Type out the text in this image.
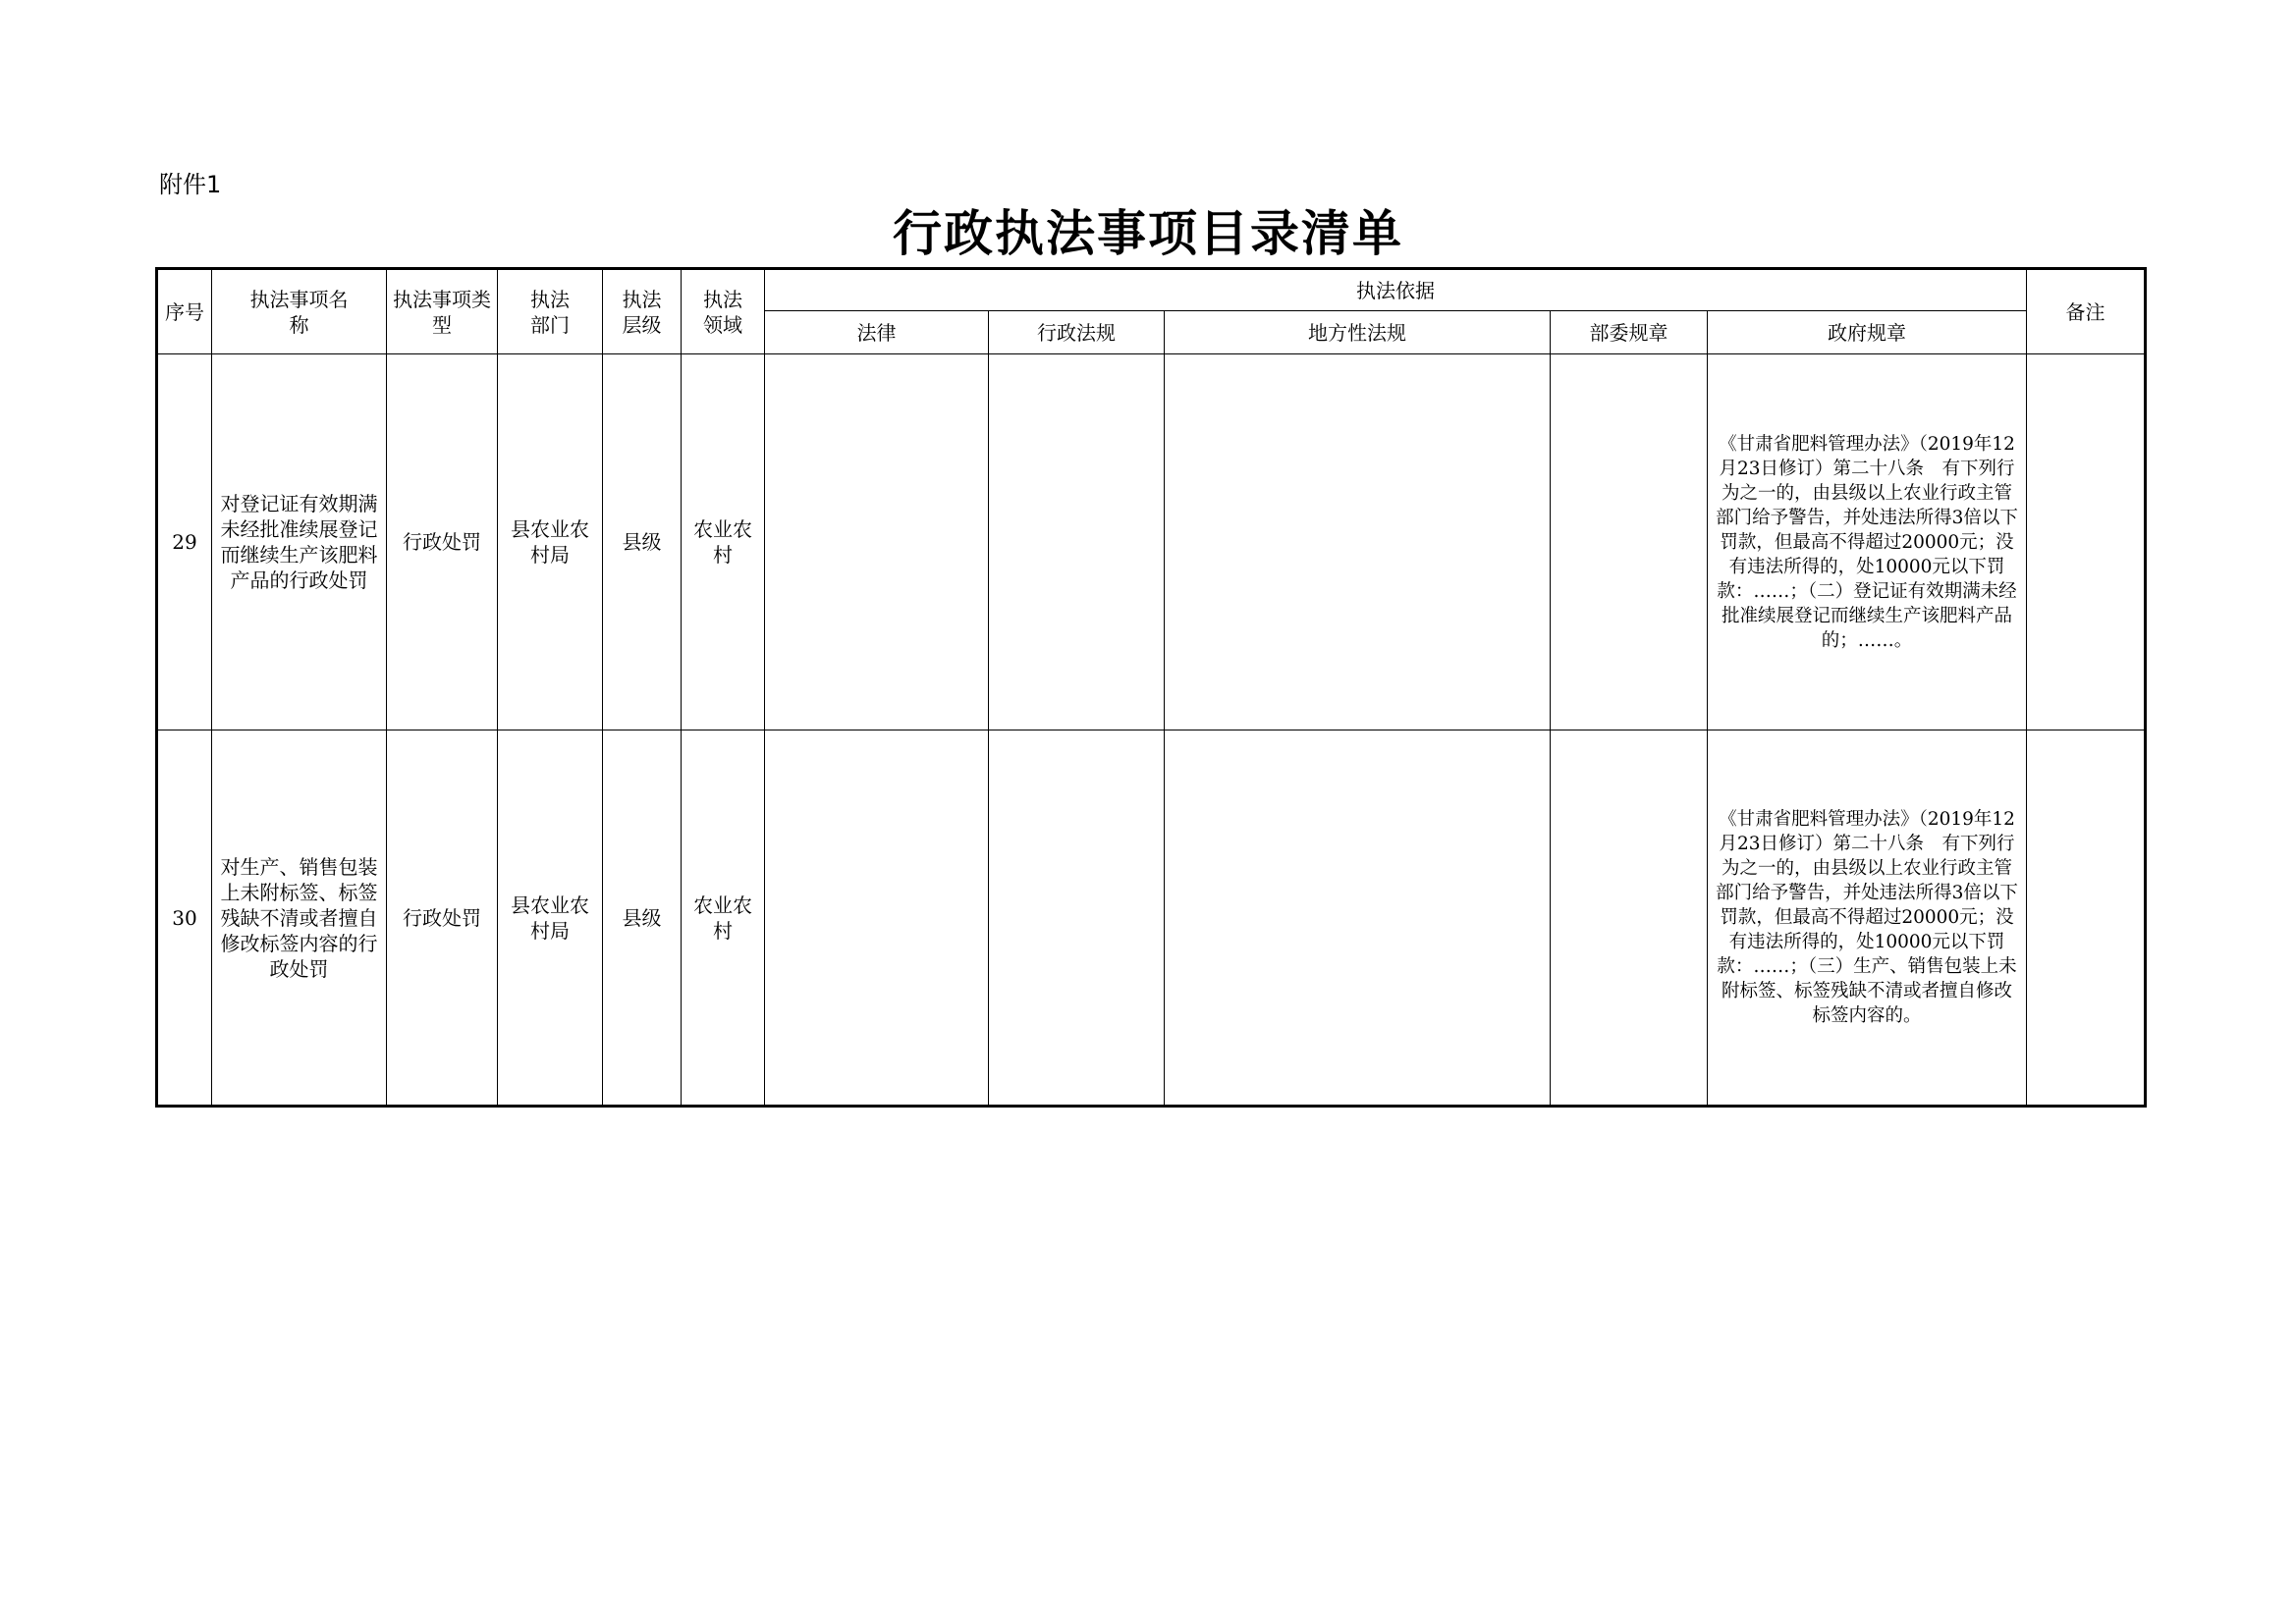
附件1
行政执法事项目录清单
序号	执法事项名称	执法事项类型	执法部门	执法层级	执法领域	执法依据					备注
						法律	行政法规	地方性法规	部委规章	政府规章	

29	对登记证有效期满未经批准续展登记而继续生产该肥料产品的行政处罚	行政处罚	县农业农村局	县级	农业农村					《甘肃省肥料管理办法》（2019年12月23日修订）第二十八条　有下列行为之一的，由县级以上农业行政主管部门给予警告，并处违法所得3倍以下罚款，但最高不得超过20000元；没有违法所得的，处10000元以下罚款：……；（二）登记证有效期满未经批准续展登记而继续生产该肥料产品的；……。	

30	对生产、销售包装上未附标签、标签残缺不清或者擅自修改标签内容的行政处罚	行政处罚	县农业农村局	县级	农业农村					《甘肃省肥料管理办法》（2019年12月23日修订）第二十八条　有下列行为之一的，由县级以上农业行政主管部门给予警告，并处违法所得3倍以下罚款，但最高不得超过20000元；没有违法所得的，处10000元以下罚款：……；（三）生产、销售包装上未附标签、标签残缺不清或者擅自修改标签内容的。	
